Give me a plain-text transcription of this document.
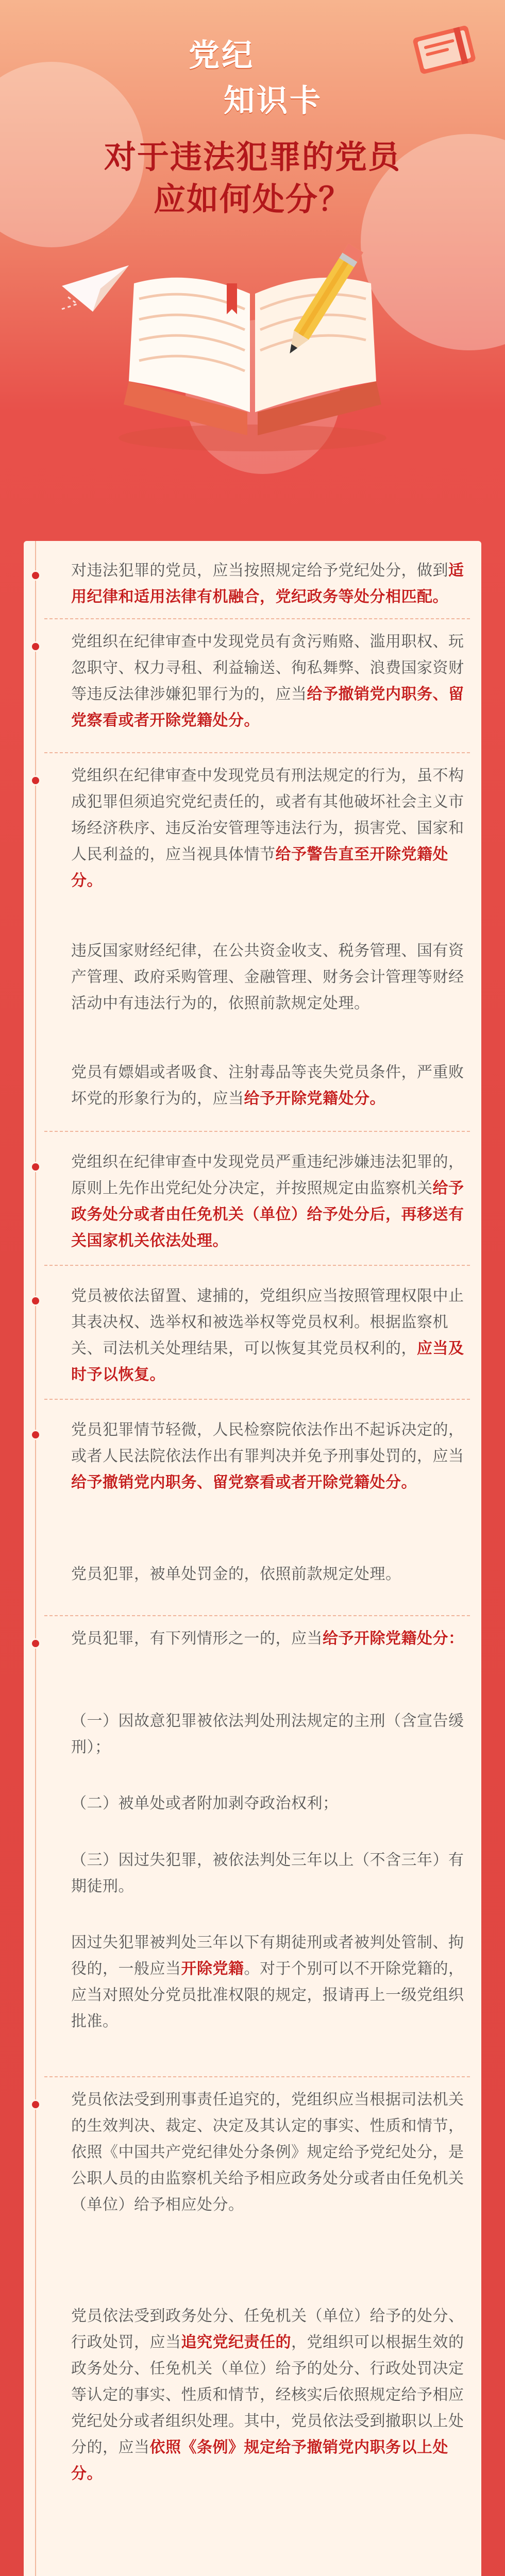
党纪
知识卡
对于违法犯罪的党员
应如何处分？
对违法犯罪的党员，应当按照规定给予党纪处分，做到适用纪律和适用法律有机融合，党纪政务等处分相匹配。
党组织在纪律审查中发现党员有贪污贿赂、滥用职权、玩忽职守、权力寻租、利益输送、徇私舞弊、浪费国家资财等违反法律涉嫌犯罪行为的，应当给予撤销党内职务、留党察看或者开除党籍处分。
党组织在纪律审查中发现党员有刑法规定的行为，虽不构成犯罪但须追究党纪责任的，或者有其他破坏社会主义市场经济秩序、违反治安管理等违法行为，损害党、国家和人民利益的，应当视具体情节给予警告直至开除党籍处分。
违反国家财经纪律，在公共资金收支、税务管理、国有资产管理、政府采购管理、金融管理、财务会计管理等财经活动中有违法行为的，依照前款规定处理。
党员有嫖娼或者吸食、注射毒品等丧失党员条件，严重败坏党的形象行为的，应当给予开除党籍处分。
党组织在纪律审查中发现党员严重违纪涉嫌违法犯罪的，原则上先作出党纪处分决定，并按照规定由监察机关给予政务处分或者由任免机关（单位）给予处分后，再移送有关国家机关依法处理。
党员被依法留置、逮捕的，党组织应当按照管理权限中止其表决权、选举权和被选举权等党员权利。根据监察机关、司法机关处理结果，可以恢复其党员权利的，应当及时予以恢复。
党员犯罪情节轻微，人民检察院依法作出不起诉决定的，或者人民法院依法作出有罪判决并免予刑事处罚的，应当给予撤销党内职务、留党察看或者开除党籍处分。
党员犯罪，被单处罚金的，依照前款规定处理。
党员犯罪，有下列情形之一的，应当给予开除党籍处分：
（一）因故意犯罪被依法判处刑法规定的主刑（含宣告缓刑）；
（二）被单处或者附加剥夺政治权利；
（三）因过失犯罪，被依法判处三年以上（不含三年）有期徒刑。
因过失犯罪被判处三年以下有期徒刑或者被判处管制、拘役的，一般应当开除党籍。对于个别可以不开除党籍的，应当对照处分党员批准权限的规定，报请再上一级党组织批准。
党员依法受到刑事责任追究的，党组织应当根据司法机关的生效判决、裁定、决定及其认定的事实、性质和情节，依照《中国共产党纪律处分条例》规定给予党纪处分，是公职人员的由监察机关给予相应政务处分或者由任免机关（单位）给予相应处分。
党员依法受到政务处分、任免机关（单位）给予的处分、行政处罚，应当追究党纪责任的，党组织可以根据生效的政务处分、任免机关（单位）给予的处分、行政处罚决定等认定的事实、性质和情节，经核实后依照规定给予相应党纪处分或者组织处理。其中，党员依法受到撤职以上处分的，应当依照《条例》规定给予撤销党内职务以上处分。
